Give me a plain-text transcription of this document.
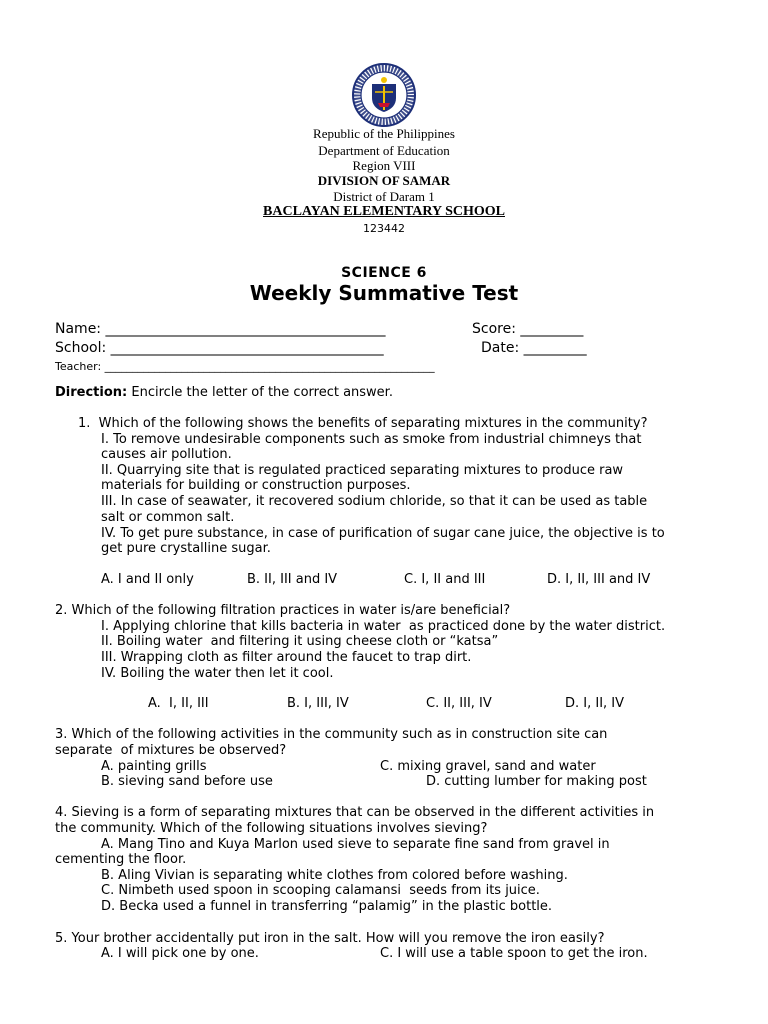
Republic of the Philippines
Department of Education
Region VIII
DIVISION OF SAMAR
District of Daram 1
BACLAYAN ELEMENTARY SCHOOL
123442
SCIENCE 6
Weekly Summative Test
Name: ________________________________________	Score: _________
School: _______________________________________	Date: _________
Teacher: ____________________________________________________________
Direction: Encircle the letter of the correct answer.
1.  Which of the following shows the benefits of separating mixtures in the community?
I. To remove undesirable components such as smoke from industrial chimneys that
causes air pollution.
II. Quarrying site that is regulated practiced separating mixtures to produce raw
materials for building or construction purposes.
III. In case of seawater, it recovered sodium chloride, so that it can be used as table
salt or common salt.
IV. To get pure substance, in case of purification of sugar cane juice, the objective is to
get pure crystalline sugar.
A. I and II only	B. II, III and IV	C. I, II and III	D. I, II, III and IV
2. Which of the following filtration practices in water is/are beneficial?
I. Applying chlorine that kills bacteria in water  as practiced done by the water district.
II. Boiling water  and filtering it using cheese cloth or “katsa”
III. Wrapping cloth as filter around the faucet to trap dirt.
IV. Boiling the water then let it cool.
A.  I, II, III	B. I, III, IV	C. II, III, IV	D. I, II, IV
3. Which of the following activities in the community such as in construction site can
separate  of mixtures be observed?
A. painting grills	C. mixing gravel, sand and water
B. sieving sand before use	D. cutting lumber for making post
4. Sieving is a form of separating mixtures that can be observed in the different activities in
the community. Which of the following situations involves sieving?
A. Mang Tino and Kuya Marlon used sieve to separate fine sand from gravel in
cementing the floor.
B. Aling Vivian is separating white clothes from colored before washing.
C. Nimbeth used spoon in scooping calamansi  seeds from its juice.
D. Becka used a funnel in transferring “palamig” in the plastic bottle.
5. Your brother accidentally put iron in the salt. How will you remove the iron easily?
A. I will pick one by one.	C. I will use a table spoon to get the iron.
